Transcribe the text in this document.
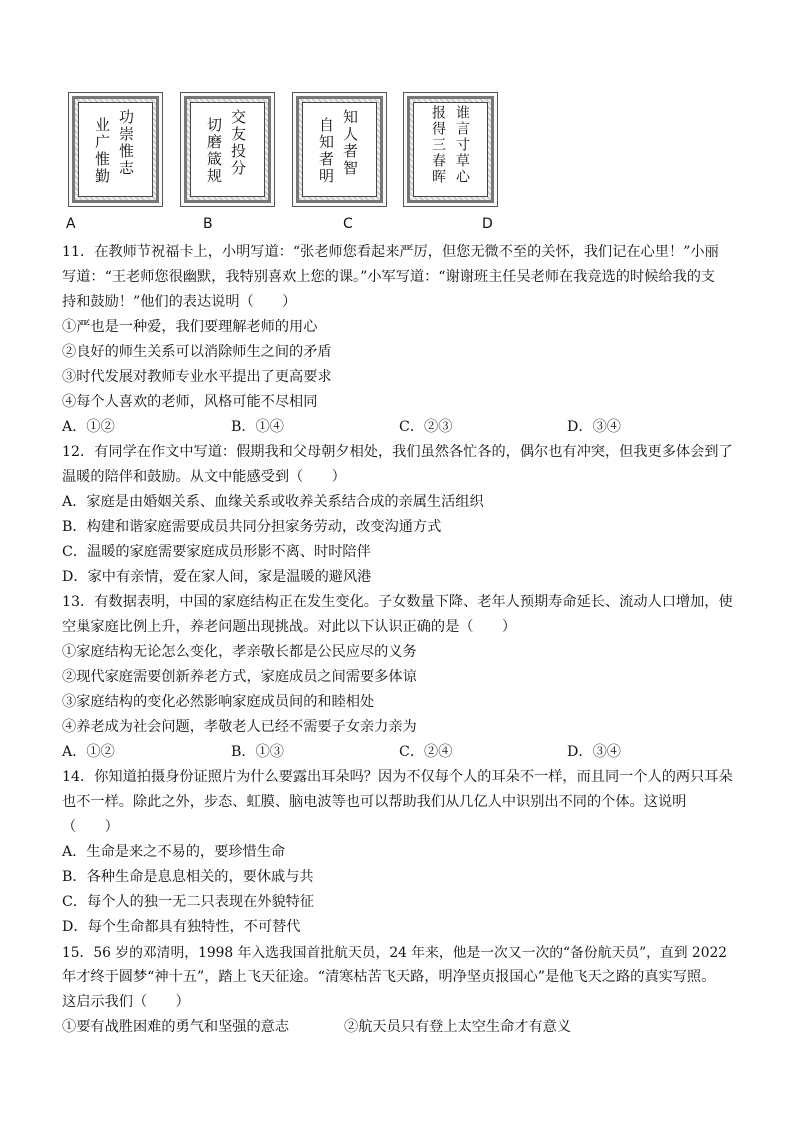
功崇惟志
业广惟勤
A
交友投分
切磨箴规
B
知人者智
自知者明
C
谁言寸草心
报得三春晖
D
11．在教师节祝福卡上，小明写道：“张老师您看起来严厉，但您无微不至的关怀，我们记在心里！”小丽
写道：“王老师您很幽默，我特别喜欢上您的课。”小军写道：“谢谢班主任吴老师在我竞选的时候给我的支
持和鼓励！”他们的表达说明（　　）
①严也是一种爱，我们要理解老师的用心
②良好的师生关系可以消除师生之间的矛盾
③时代发展对教师专业水平提出了更高要求
④每个人喜欢的老师，风格可能不尽相同
A．①②	B．①④	C．②③	D．③④
12．有同学在作文中写道：假期我和父母朝夕相处，我们虽然各忙各的，偶尔也有冲突，但我更多体会到了
温暖的陪伴和鼓励。从文中能感受到（　　）
A．家庭是由婚姻关系、血缘关系或收养关系结合成的亲属生活组织
B．构建和谐家庭需要成员共同分担家务劳动，改变沟通方式
C．温暖的家庭需要家庭成员形影不离、时时陪伴
D．家中有亲情，爱在家人间，家是温暖的避风港
13．有数据表明，中国的家庭结构正在发生变化。子女数量下降、老年人预期寿命延长、流动人口增加，使
空巢家庭比例上升，养老问题出现挑战。对此以下认识正确的是（　　）
①家庭结构无论怎么变化，孝亲敬长都是公民应尽的义务
②现代家庭需要创新养老方式，家庭成员之间需要多体谅
③家庭结构的变化必然影响家庭成员间的和睦相处
④养老成为社会问题，孝敬老人已经不需要子女亲力亲为
A．①②	B．①③	C．②④	D．③④
14．你知道拍摄身份证照片为什么要露出耳朵吗？因为不仅每个人的耳朵不一样，而且同一个人的两只耳朵
也不一样。除此之外，步态、虹膜、脑电波等也可以帮助我们从几亿人中识别出不同的个体。这说明
（　　）
A．生命是来之不易的，要珍惜生命
B．各种生命是息息相关的，要休戚与共
C．每个人的独一无二只表现在外貌特征
D．每个生命都具有独特性，不可替代
15．56 岁的邓清明，1998 年入选我国首批航天员，24 年来，他是一次又一次的“备份航天员”，直到 2022
年才终于圆梦“神十五”，踏上飞天征途。“清寒枯苦飞天路，明净坚贞报国心”是他飞天之路的真实写照。
这启示我们（　　）
①要有战胜困难的勇气和坚强的意志	②航天员只有登上太空生命才有意义
